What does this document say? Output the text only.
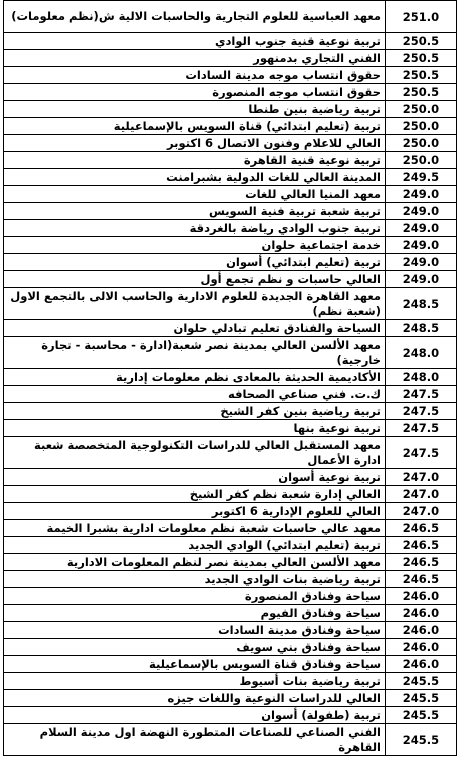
معهد العباسية للعلوم التجارية والحاسبات الالية ش(نظم معلومات)	251.0
تربية نوعية قنية جنوب الوادي	250.5
الفني التجاري بدمنهور	250.5
حقوق انتساب موجه مدينة السادات	250.5
حقوق انتساب موجه المنصورة	250.5
تربية رياضية بنين طنطا	250.0
تربية (تعليم ابتدائي) قناة السويس بالإسماعيلية	250.0
العالي للاعلام وفنون الاتصال 6 اكتوبر	250.0
تربية نوعية قنية القاهرة	250.0
المدينة العالي للغات الدولية بشبرامنت	249.5
معهد المنيا العالي للغات	249.0
تربية شعبة تربية فنية السويس	249.0
تربية جنوب الوادي رياضة بالغردقة	249.0
خدمة اجتماعية حلوان	249.0
تربية (تعليم ابتدائي) أسوان	249.0
العالي حاسبات و نظم تجمع أول	249.0
معهد القاهرة الجديدة للعلوم الادارية والحاسب الالى بالتجمع الاول (شعبة نظم)	248.5
السياحة والفنادق تعليم تبادلي حلوان	248.5
معهد الألسن العالي بمدينة نصر شعبة(ادارة - محاسبة - تجارة خارجية)	248.0
الأكاديمية الحديثة بالمعادى نظم معلومات إدارية	248.0
ك.ت. فني صناعي الصحافه	247.5
تربية رياضية بنين كفر الشيخ	247.5
تربية نوعية بنها	247.5
معهد المستقبل العالي للدراسات التكنولوجية المتخصصة شعبة ادارة الأعمال	247.5
تربية نوعية أسوان	247.0
العالي إدارة شعبة نظم كفر الشيخ	247.0
العالي للعلوم الإدارية 6 اكتوبر	247.0
معهد عالي حاسبات شعبة نظم معلومات ادارية بشبرا الخيمة	246.5
تربية (تعليم ابتدائي) الوادي الجديد	246.5
معهد الألسن العالي بمدينة نصر لنظم المعلومات الادارية	246.5
تربية رياضية بنات الوادي الجديد	246.5
سياحة وفنادق المنصورة	246.0
سياحة وفنادق الفيوم	246.0
سياحة وفنادق مدينة السادات	246.0
سياحة وفنادق بني سويف	246.0
سياحة وفنادق قناة السويس بالإسماعيلية	246.0
تربية رياضية بنات أسيوط	245.5
العالي للدراسات النوعية واللغات جيزه	245.5
تربية (طفولة) أسوان	245.5
الفني الصناعي للصناعات المتطورة النهضة اول مدينة السلام القاهرة	245.5
